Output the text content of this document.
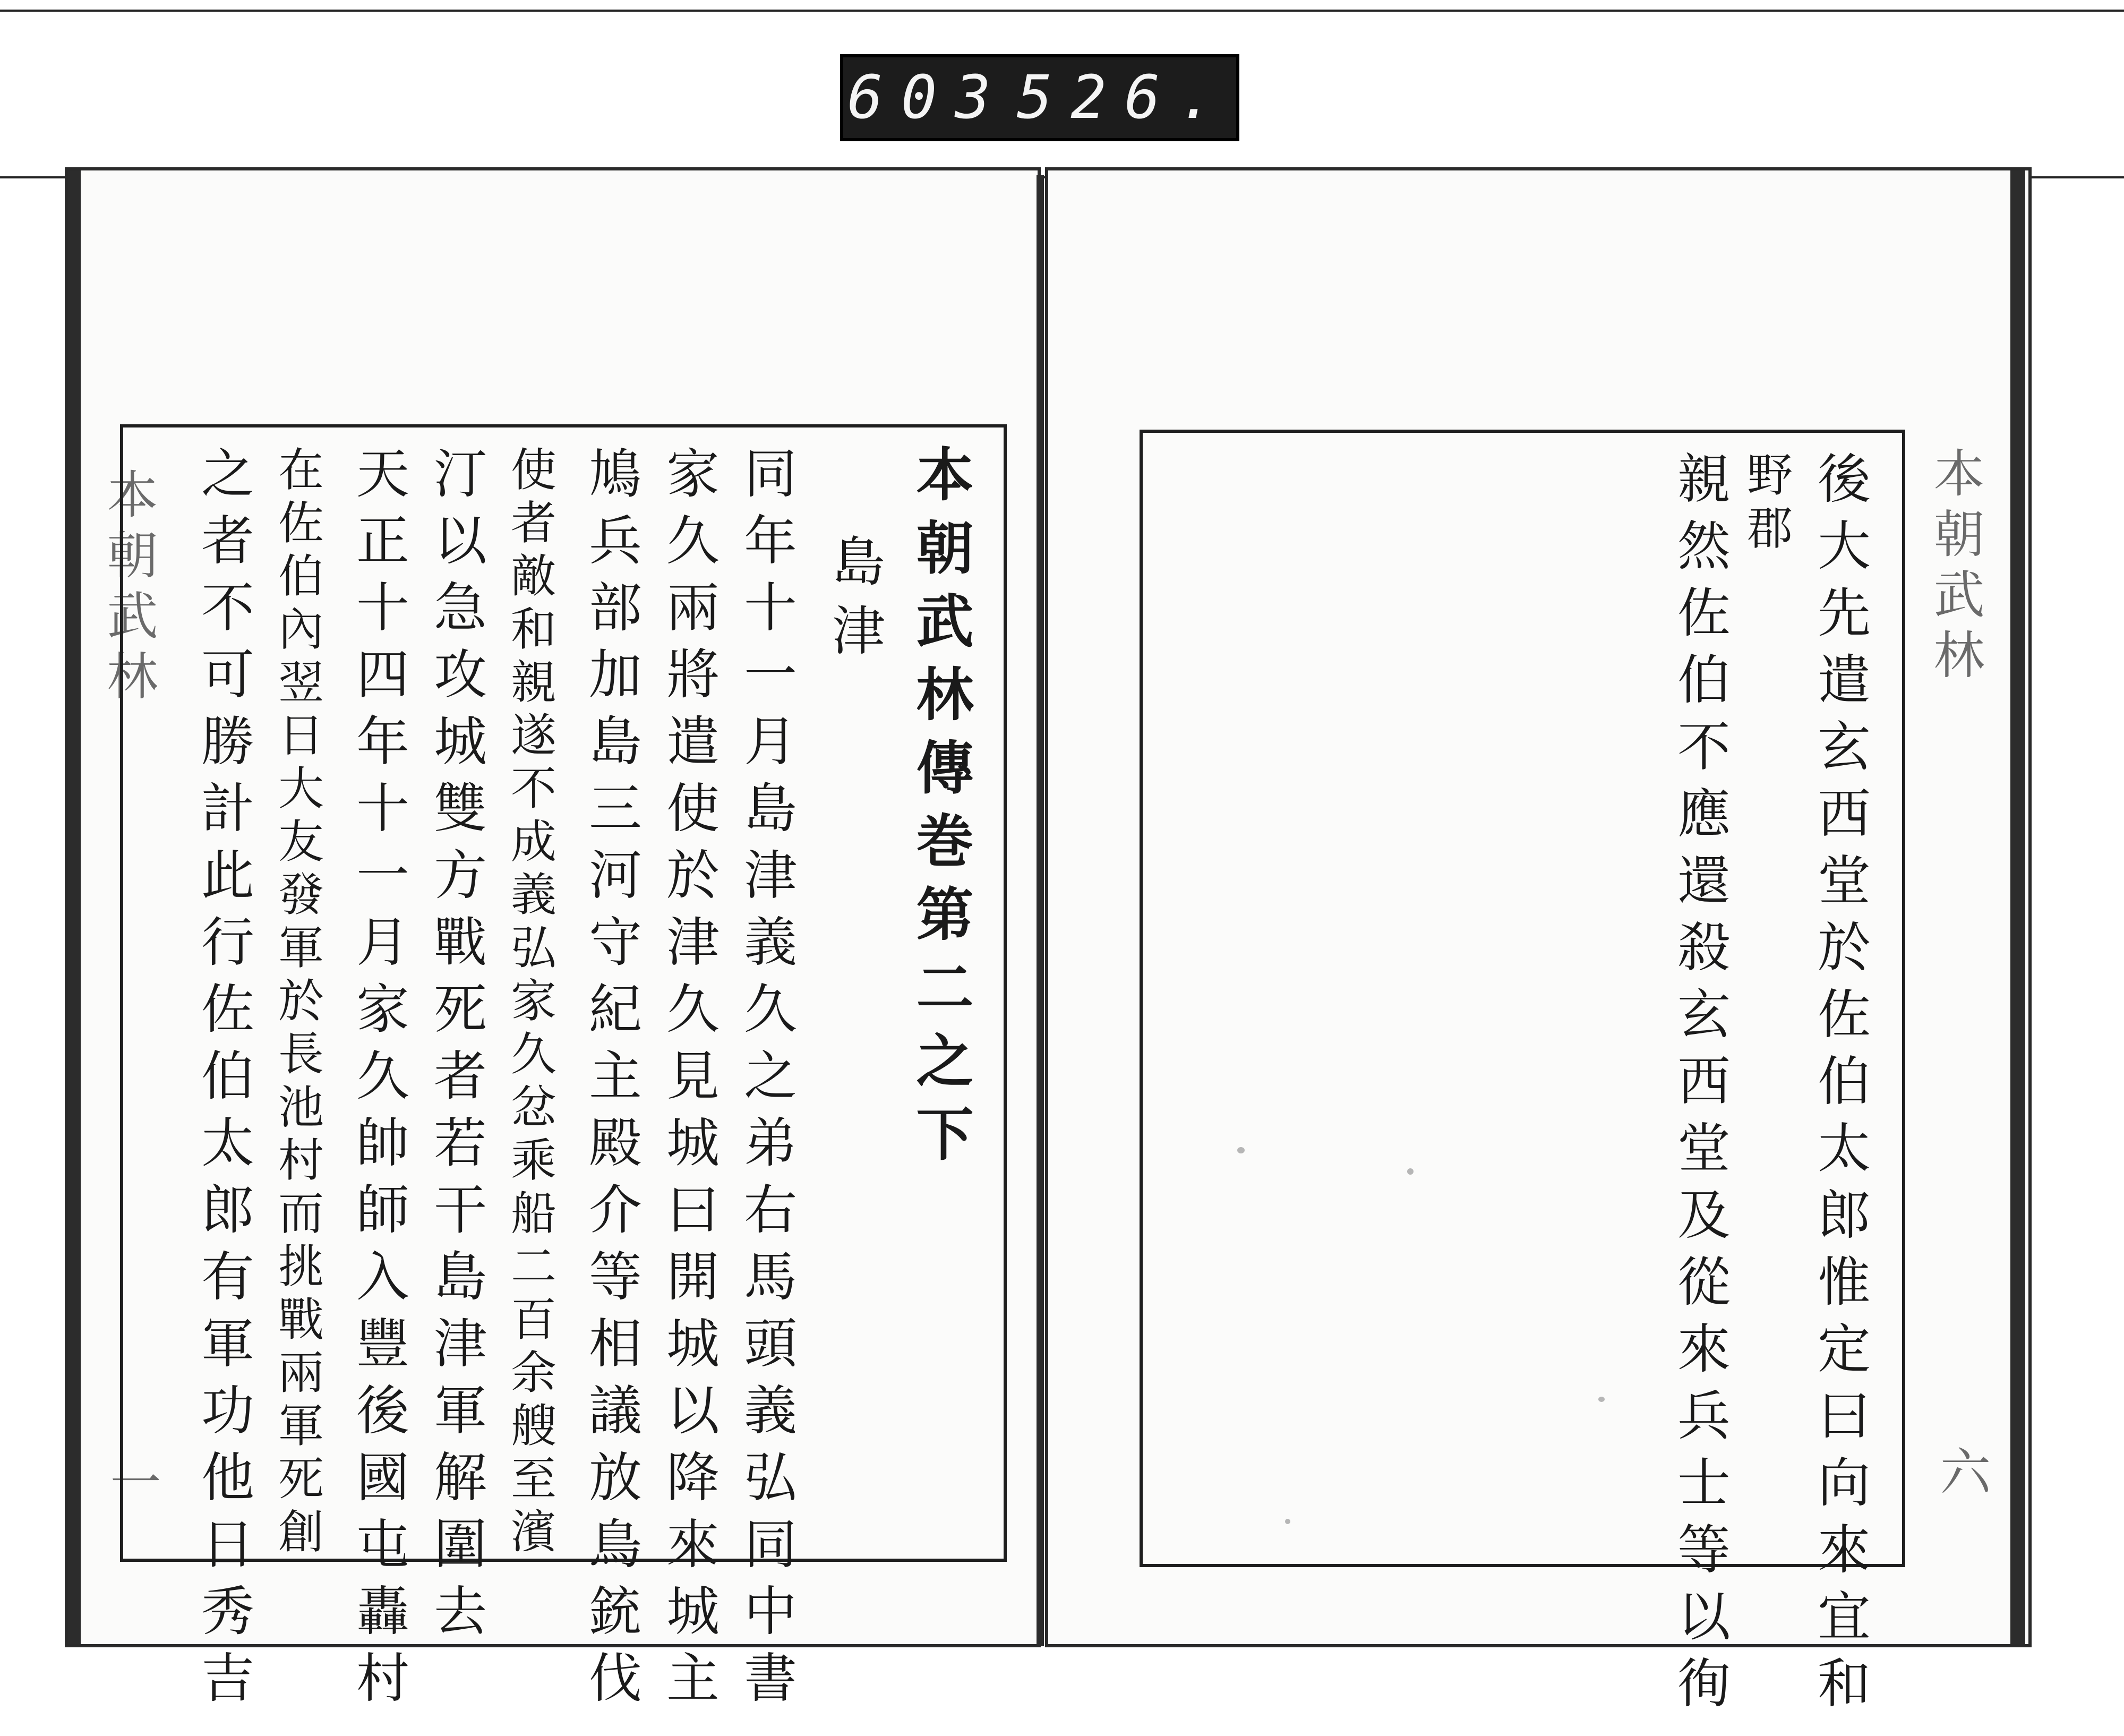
603 526.
本朝武林
一
本朝武林傳巻第二之下
島津
同年十一月島津義久之弟右馬頭義弘同中書
家久兩將遣使於津久見城曰開城以降來城主
鳩兵部加島三河守紀主殿介等相議放鳥銃伐
使者敵和親遂不成義弘家久忿乘船二百余艘至濱
汀以急攻城雙方戰死者若干島津軍解圍去
天正十四年十一月家久帥師入豐後國屯轟村
在佐伯內翌日大友發軍於長池村而挑戰兩軍死創
之者不可勝計此行佐伯太郎有軍功他日秀吉	後大先遣玄西堂於佐伯太郎惟定曰向來宜和
野郡
親然佐伯不應還殺玄西堂及從來兵士等以徇	本朝武林
六
